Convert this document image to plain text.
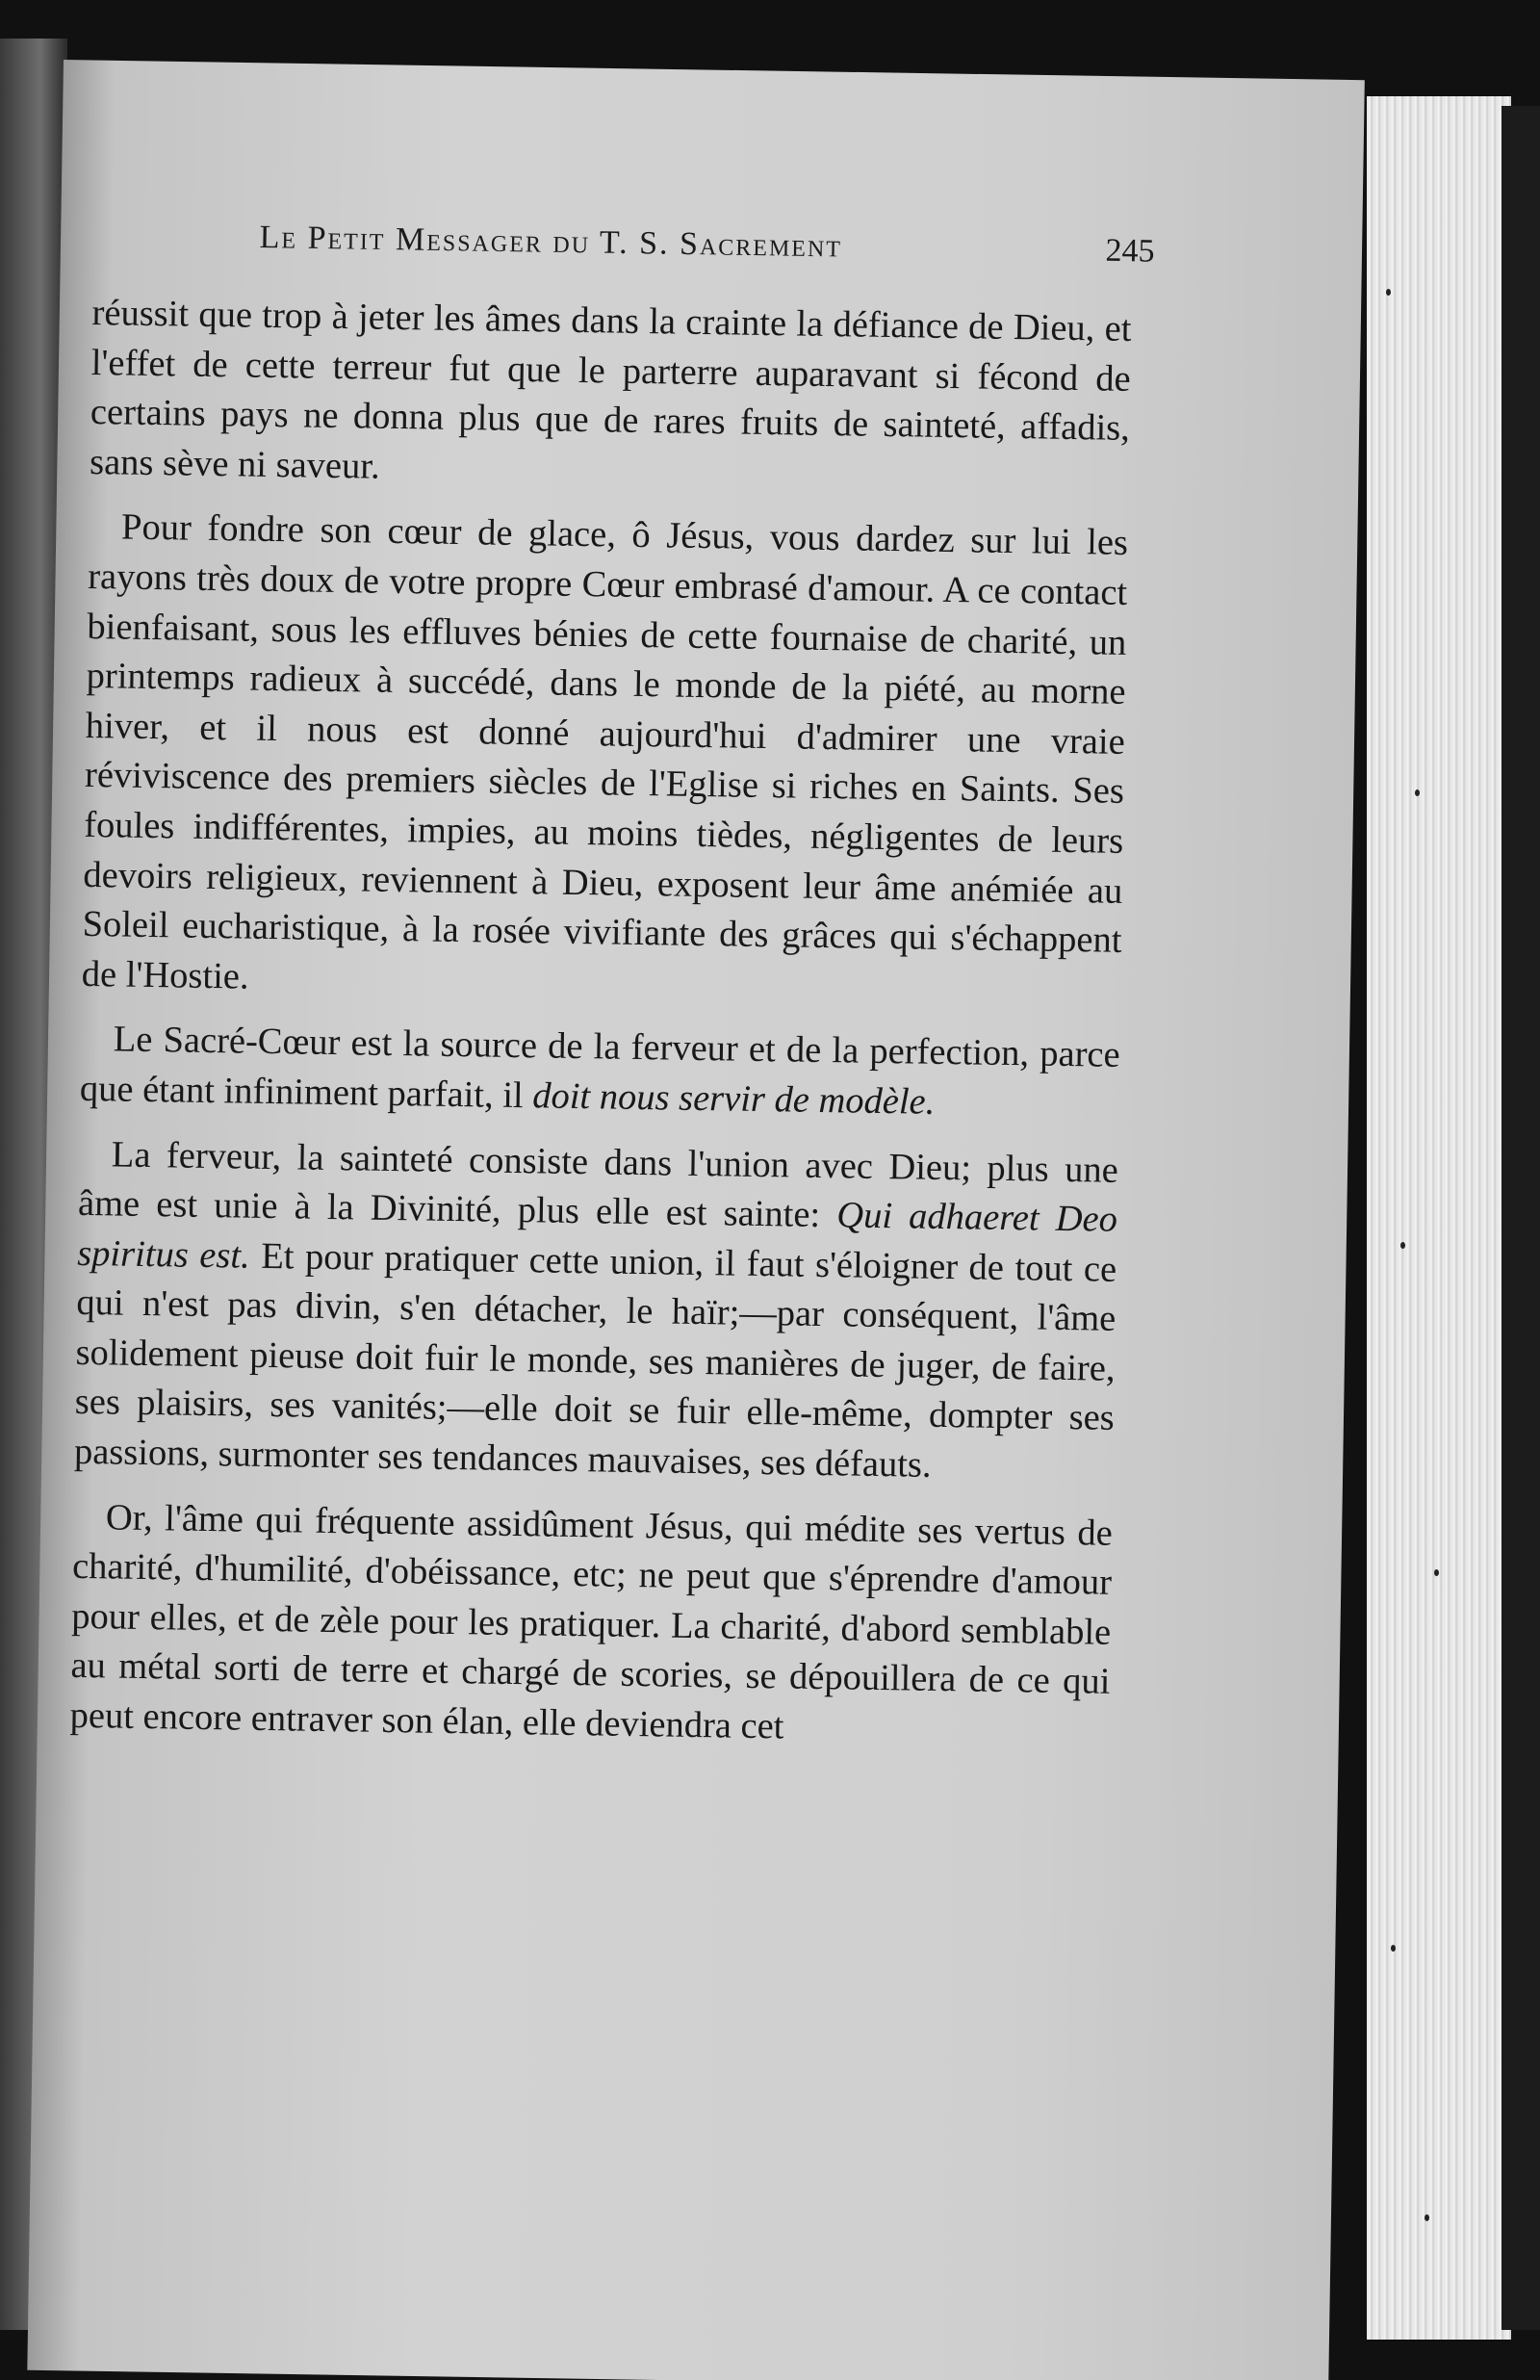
Le Petit Messager du T. S. Sacrement	245

réussit que trop à jeter les âmes dans la crainte la défiance de Dieu, et l'effet de cette terreur fut que le parterre auparavant si fécond de certains pays ne donna plus que de rares fruits de sainteté, affadis, sans sève ni saveur.

Pour fondre son cœur de glace, ô Jésus, vous dardez sur lui les rayons très doux de votre propre Cœur embrasé d'amour. A ce contact bienfaisant, sous les effluves bénies de cette fournaise de charité, un printemps radieux à succédé, dans le monde de la piété, au morne hiver, et il nous est donné aujourd'hui d'admirer une vraie réviviscence des premiers siècles de l'Eglise si riches en Saints. Ses foules indifférentes, impies, au moins tièdes, négligentes de leurs devoirs religieux, reviennent à Dieu, exposent leur âme anémiée au Soleil eucharistique, à la rosée vivifiante des grâces qui s'échappent de l'Hostie.

Le Sacré-Cœur est la source de la ferveur et de la perfection, parce que étant infiniment parfait, il doit nous servir de modèle.

La ferveur, la sainteté consiste dans l'union avec Dieu; plus une âme est unie à la Divinité, plus elle est sainte: Qui adhaeret Deo spiritus est. Et pour pratiquer cette union, il faut s'éloigner de tout ce qui n'est pas divin, s'en détacher, le haïr;—par conséquent, l'âme solidement pieuse doit fuir le monde, ses manières de juger, de faire, ses plaisirs, ses vanités;—elle doit se fuir elle-même, dompter ses passions, surmonter ses tendances mauvaises, ses défauts.

Or, l'âme qui fréquente assidûment Jésus, qui médite ses vertus de charité, d'humilité, d'obéissance, etc; ne peut que s'éprendre d'amour pour elles, et de zèle pour les pratiquer. La charité, d'abord semblable au métal sorti de terre et chargé de scories, se dépouillera de ce qui peut encore entraver son élan, elle deviendra cet
